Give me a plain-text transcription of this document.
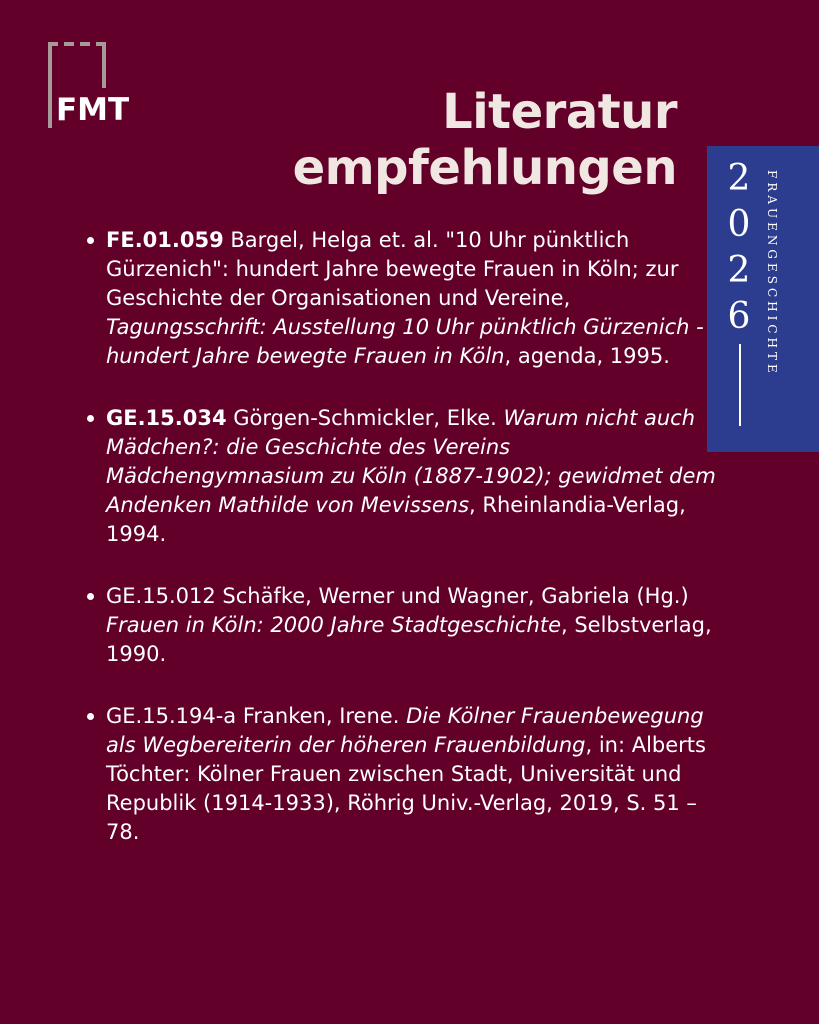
FMT	Literatur
empfehlungen 2
0
2
6	FRAUENGESCHICHTE
FE.01.059 Bargel, Helga et. al. "10 Uhr pünktlich Gürzenich": hundert Jahre bewegte Frauen in Köln; zur Geschichte der Organisationen und Vereine, Tagungsschrift: Ausstellung 10 Uhr pünktlich Gürzenich - hundert Jahre bewegte Frauen in Köln, agenda, 1995.
GE.15.034 Görgen-Schmickler, Elke. Warum nicht auch Mädchen?: die Geschichte des Vereins Mädchengymnasium zu Köln (1887-1902); gewidmet dem Andenken Mathilde von Mevissens, Rheinlandia-Verlag, 1994.
GE.15.012 Schäfke, Werner und Wagner, Gabriela (Hg.) Frauen in Köln: 2000 Jahre Stadtgeschichte, Selbstverlag, 1990.
GE.15.194-a Franken, Irene. Die Kölner Frauenbewegung als Wegbereiterin der höheren Frauenbildung, in: Alberts Töchter: Kölner Frauen zwischen Stadt, Universität und Republik (1914-1933), Röhrig Univ.-Verlag, 2019, S. 51 – 78.
